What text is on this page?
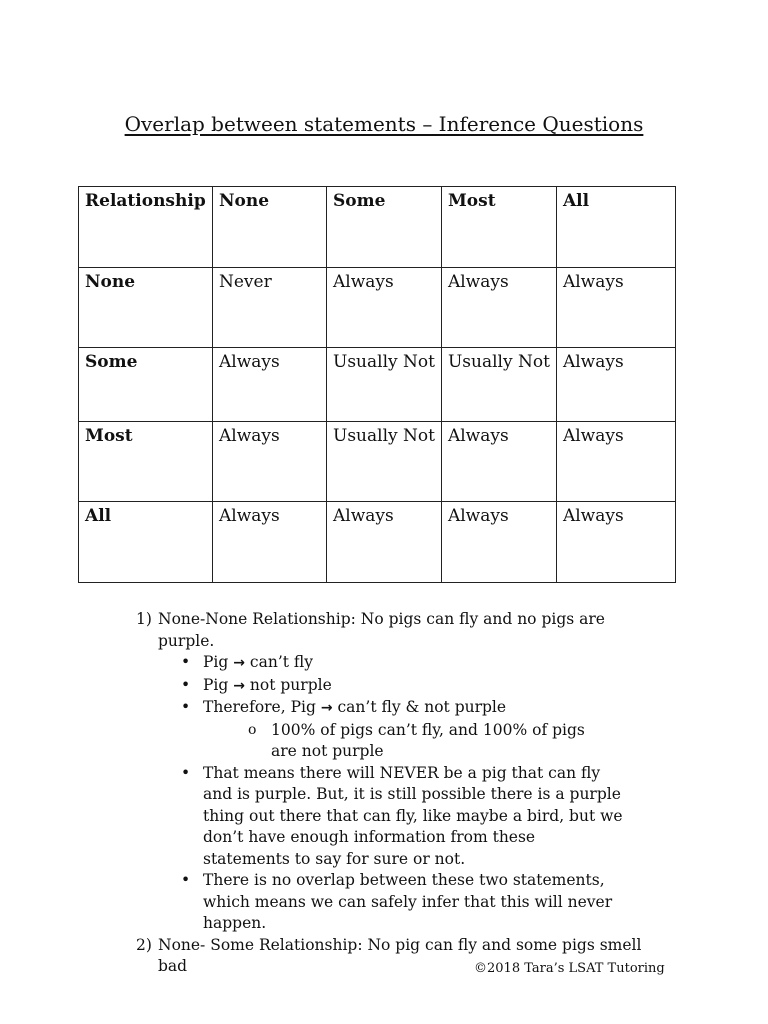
Overlap between statements – Inference Questions
Relationship	None	Some	Most	All
None	Never	Always	Always	Always
Some	Always	Usually Not	Usually Not	Always
Most	Always	Usually Not	Always	Always
All	Always	Always	Always	Always
1) None-None Relationship: No pigs can fly and no pigs are purple.
• Pig → can’t fly
• Pig → not purple
• Therefore, Pig → can’t fly & not purple
o 100% of pigs can’t fly, and 100% of pigs are not purple
• That means there will NEVER be a pig that can fly and is purple. But, it is still possible there is a purple thing out there that can fly, like maybe a bird, but we don’t have enough information from these statements to say for sure or not.
• There is no overlap between these two statements, which means we can safely infer that this will never happen.
2) None- Some Relationship: No pig can fly and some pigs smell bad	©2018 Tara’s LSAT Tutoring
